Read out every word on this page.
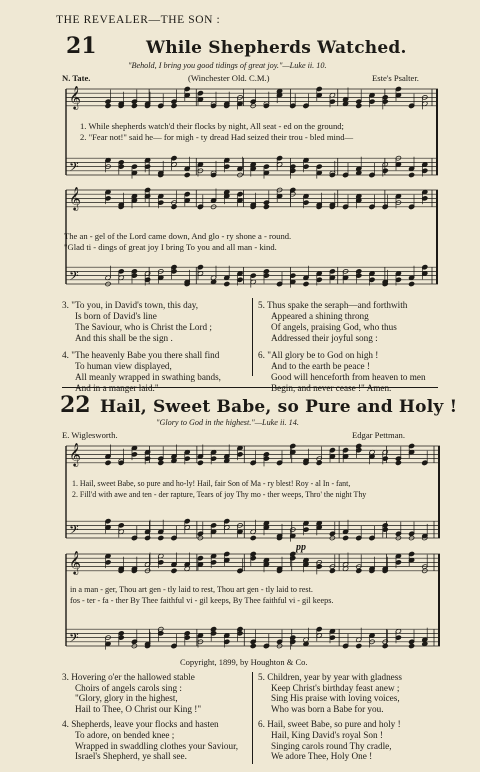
THE REVEALER—THE SON :
21	While Shepherds Watched.
"Behold, I bring you good tidings of great joy."—Luke ii. 10.
N. Tate.	(Winchester Old. C.M.)	Este's Psalter.
𝄞
𝄢
1. While shepherds watch'd their flocks by night, All seat - ed on the ground;
2. "Fear not!" said he— for migh - ty dread Had seized their trou - bled mind—
𝄞
𝄢
The an - gel of the Lord came down, And glo - ry shone a - round.
"Glad ti - dings of great joy I bring To you and all man - kind.
3. "To you, in David's town, this day,
Is born of David's line
The Saviour, who is Christ the Lord ;
And this shall be the sign .
4. "The heavenly Babe you there shall find
To human view displayed,
All meanly wrapped in swathing bands,
And in a manger laid."
5. Thus spake the seraph—and forthwith
Appeared a shining throng
Of angels, praising God, who thus
Addressed their joyful song :
6. "All glory be to God on high !
And to the earth be peace !
Good will henceforth from heaven to men
Begin, and never cease !" Amen.
22 Hail, Sweet Babe, so Pure and Holy !
"Glory to God in the highest."—Luke ii. 14.
E. Wiglesworth.	Edgar Pettman.
𝄞
𝄢
1. Hail, sweet Babe, so pure and ho-ly! Hail, fair Son of Ma - ry blest! Roy - al In - fant,
2. Fill'd with awe and ten - der rapture, Tears of joy Thy mo - ther weeps, Thro' the night Thy
pp
𝄞
𝄢
in a man - ger, Thou art gen - tly laid to rest, Thou art gen - tly laid to rest.
fos - ter - fa - ther By Thee faithful vi - gil keeps, By Thee faithful vi - gil keeps.
Copyright, 1899, by Houghton & Co.
3. Hovering o'er the hallowed stable
Choirs of angels carols sing :
"Glory, glory in the highest,
Hail to Thee, O Christ our King !"
4. Shepherds, leave your flocks and hasten
To adore, on bended knee ;
Wrapped in swaddling clothes your Saviour,
Israel's Shepherd, ye shall see.
5. Children, year by year with gladness
Keep Christ's birthday feast anew ;
Sing His praise with loving voices,
Who was born a Babe for you.
6. Hail, sweet Babe, so pure and holy !
Hail, King David's royal Son !
Singing carols round Thy cradle,
We adore Thee, Holy One !
